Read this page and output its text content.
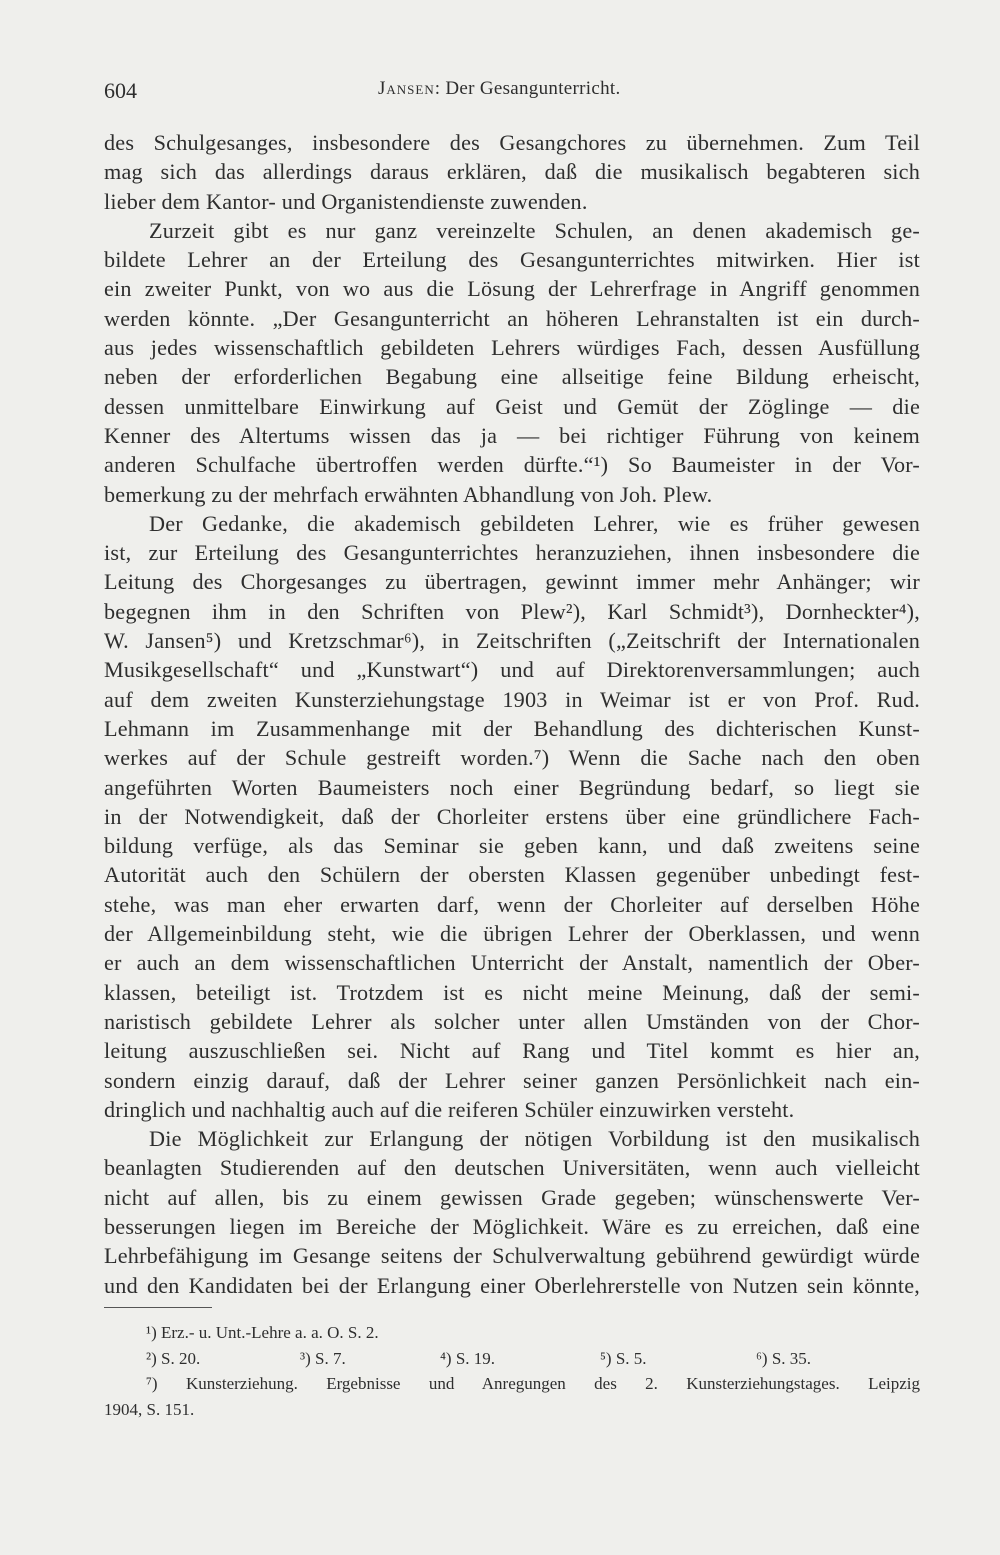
604	Jansen: Der Gesangunterricht.
des Schulgesanges, insbesondere des Gesangchores zu übernehmen. Zum Teil
mag sich das allerdings daraus erklären, daß die musikalisch begabteren sich
lieber dem Kantor- und Organistendienste zuwenden.
Zurzeit gibt es nur ganz vereinzelte Schulen, an denen akademisch ge-
bildete Lehrer an der Erteilung des Gesangunterrichtes mitwirken. Hier ist
ein zweiter Punkt, von wo aus die Lösung der Lehrerfrage in Angriff genommen
werden könnte. „Der Gesangunterricht an höheren Lehranstalten ist ein durch-
aus jedes wissenschaftlich gebildeten Lehrers würdiges Fach, dessen Ausfüllung
neben der erforderlichen Begabung eine allseitige feine Bildung erheischt,
dessen unmittelbare Einwirkung auf Geist und Gemüt der Zöglinge — die
Kenner des Altertums wissen das ja — bei richtiger Führung von keinem
anderen Schulfache übertroffen werden dürfte.“¹) So Baumeister in der Vor-
bemerkung zu der mehrfach erwähnten Abhandlung von Joh. Plew.
Der Gedanke, die akademisch gebildeten Lehrer, wie es früher gewesen
ist, zur Erteilung des Gesangunterrichtes heranzuziehen, ihnen insbesondere die
Leitung des Chorgesanges zu übertragen, gewinnt immer mehr Anhänger; wir
begegnen ihm in den Schriften von Plew²), Karl Schmidt³), Dornheckter⁴),
W. Jansen⁵) und Kretzschmar⁶), in Zeitschriften („Zeitschrift der Internationalen
Musikgesellschaft“ und „Kunstwart“) und auf Direktorenversammlungen; auch
auf dem zweiten Kunsterziehungstage 1903 in Weimar ist er von Prof. Rud.
Lehmann im Zusammenhange mit der Behandlung des dichterischen Kunst-
werkes auf der Schule gestreift worden.⁷) Wenn die Sache nach den oben
angeführten Worten Baumeisters noch einer Begründung bedarf, so liegt sie
in der Notwendigkeit, daß der Chorleiter erstens über eine gründlichere Fach-
bildung verfüge, als das Seminar sie geben kann, und daß zweitens seine
Autorität auch den Schülern der obersten Klassen gegenüber unbedingt fest-
stehe, was man eher erwarten darf, wenn der Chorleiter auf derselben Höhe
der Allgemeinbildung steht, wie die übrigen Lehrer der Oberklassen, und wenn
er auch an dem wissenschaftlichen Unterricht der Anstalt, namentlich der Ober-
klassen, beteiligt ist. Trotzdem ist es nicht meine Meinung, daß der semi-
naristisch gebildete Lehrer als solcher unter allen Umständen von der Chor-
leitung auszuschließen sei. Nicht auf Rang und Titel kommt es hier an,
sondern einzig darauf, daß der Lehrer seiner ganzen Persönlichkeit nach ein-
dringlich und nachhaltig auch auf die reiferen Schüler einzuwirken versteht.
Die Möglichkeit zur Erlangung der nötigen Vorbildung ist den musikalisch
beanlagten Studierenden auf den deutschen Universitäten, wenn auch vielleicht
nicht auf allen, bis zu einem gewissen Grade gegeben; wünschenswerte Ver-
besserungen liegen im Bereiche der Möglichkeit. Wäre es zu erreichen, daß eine
Lehrbefähigung im Gesange seitens der Schulverwaltung gebührend gewürdigt würde
und den Kandidaten bei der Erlangung einer Oberlehrerstelle von Nutzen sein könnte,
¹) Erz.- u. Unt.-Lehre a. a. O. S. 2.
²) S. 20.	³) S. 7.	⁴) S. 19.	⁵) S. 5.	⁶) S. 35.
⁷) Kunsterziehung. Ergebnisse und Anregungen des 2. Kunsterziehungstages. Leipzig
1904, S. 151.
